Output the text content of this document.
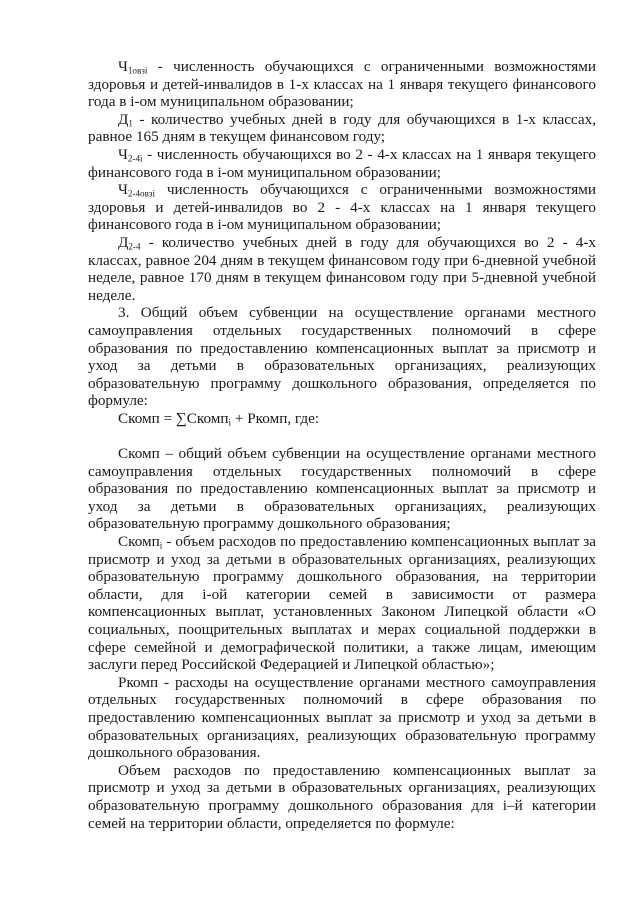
$Ч_{1овзi}$ - численность обучающихся с ограниченными возможностями здоровья и детей-инвалидов в 1-х классах на 1 января текущего финансового года в i-ом муниципальном образовании;

$Д_1$ - количество учебных дней в году для обучающихся в 1-х классах, равное 165 дням в текущем финансовом году;

$Ч_{2-4i}$ - численность обучающихся во 2 - 4-х классах на 1 января текущего финансового года в i-ом муниципальном образовании;

$Ч_{2-4овзi}$ численность обучающихся с ограниченными возможностями здоровья и детей-инвалидов во 2 - 4-х классах на 1 января текущего финансового года в i-ом муниципальном образовании;

$Д_{2-4}$ - количество учебных дней в году для обучающихся во 2 - 4-х классах, равное 204 дням в текущем финансовом году при 6-дневной учебной неделе, равное 170 дням в текущем финансовом году при 5-дневной учебной неделе.

3. Общий объем субвенции на осуществление органами местного самоуправления отдельных государственных полномочий в сфере образования по предоставлению компенсационных выплат за присмотр и уход за детьми в образовательных организациях, реализующих образовательную программу дошкольного образования, определяется по формуле:

Скомп = ∑Скомп$_i$ + Ркомп, где:

Скомп – общий объем субвенции на осуществление органами местного самоуправления отдельных государственных полномочий в сфере образования по предоставлению компенсационных выплат за присмотр и уход за детьми в образовательных организациях, реализующих образовательную программу дошкольного образования;

Скомп$_i$ - объем расходов по предоставлению компенсационных выплат за присмотр и уход за детьми в образовательных организациях, реализующих образовательную программу дошкольного образования, на территории области, для i-ой категории семей в зависимости от размера компенсационных выплат, установленных Законом Липецкой области «О социальных, поощрительных выплатах и мерах социальной поддержки в сфере семейной и демографической политики, а также лицам, имеющим заслуги перед Российской Федерацией и Липецкой областью»;

Ркомп - расходы на осуществление органами местного самоуправления отдельных государственных полномочий в сфере образования по предоставлению компенсационных выплат за присмотр и уход за детьми в образовательных организациях, реализующих образовательную программу дошкольного образования.

Объем расходов по предоставлению компенсационных выплат за присмотр и уход за детьми в образовательных организациях, реализующих образовательную программу дошкольного образования для i–й категории семей на территории области, определяется по формуле:
